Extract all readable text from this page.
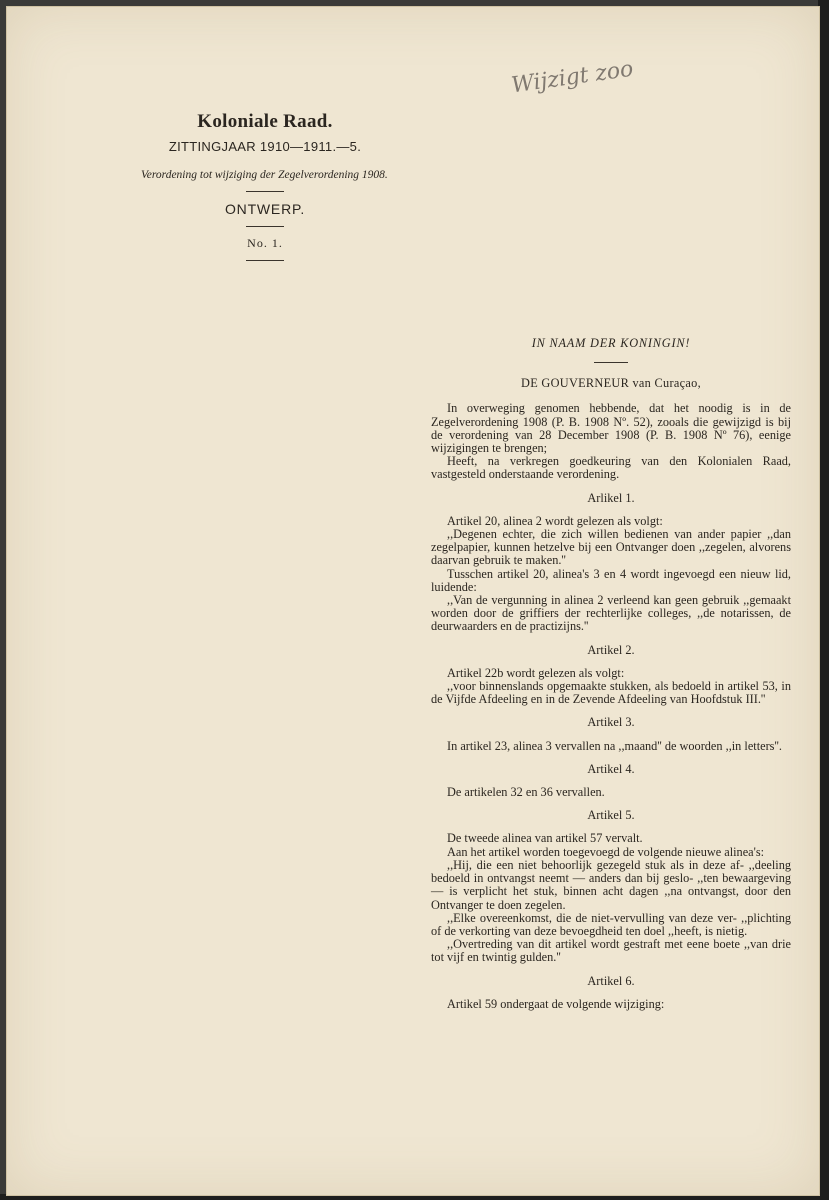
Koloniale Raad.
ZITTINGJAAR 1910—1911.—5.
Verordening tot wijziging der Zegelverordening 1908.
ONTWERP.
No. 1.
Wijzigt zoo
IN NAAM DER KONINGIN!
DE GOUVERNEUR van Curaçao,

In overweging genomen hebbende, dat het noodig is in de Zegelverordening 1908 (P. B. 1908 Nº. 52), zooals die gewijzigd is bij de verordening van 28 December 1908 (P. B. 1908 Nº 76), eenige wijzigingen te brengen;

Heeft, na verkregen goedkeuring van den Kolonialen Raad, vastgesteld onderstaande verordening.

Arlikel 1.

Artikel 20, alinea 2 wordt gelezen als volgt:

,,Degenen echter, die zich willen bedienen van ander papier ,,dan zegelpapier, kunnen hetzelve bij een Ontvanger doen ,,zegelen, alvorens daarvan gebruik te maken.''

Tusschen artikel 20, alinea's 3 en 4 wordt ingevoegd een nieuw lid, luidende:

,,Van de vergunning in alinea 2 verleend kan geen gebruik ,,gemaakt worden door de griffiers der rechterlijke colleges, ,,de notarissen, de deurwaarders en de practizijns.''

Artikel 2.

Artikel 22b wordt gelezen als volgt:

,,voor binnenslands opgemaakte stukken, als bedoeld in artikel 53, in de Vijfde Afdeeling en in de Zevende Afdeeling van Hoofdstuk III.''

Artikel 3.

In artikel 23, alinea 3 vervallen na ,,maand'' de woorden ,,in letters''.

Artikel 4.

De artikelen 32 en 36 vervallen.

Artikel 5.

De tweede alinea van artikel 57 vervalt.

Aan het artikel worden toegevoegd de volgende nieuwe alinea's:

,,Hij, die een niet behoorlijk gezegeld stuk als in deze af- ,,deeling bedoeld in ontvangst neemt — anders dan bij geslo- ,,ten bewaargeving — is verplicht het stuk, binnen acht dagen ,,na ontvangst, door den Ontvanger te doen zegelen.

,,Elke overeenkomst, die de niet-vervulling van deze ver- ,,plichting of de verkorting van deze bevoegdheid ten doel ,,heeft, is nietig.

,,Overtreding van dit artikel wordt gestraft met eene boete ,,van drie tot vijf en twintig gulden.''

Artikel 6.

Artikel 59 ondergaat de volgende wijziging:
